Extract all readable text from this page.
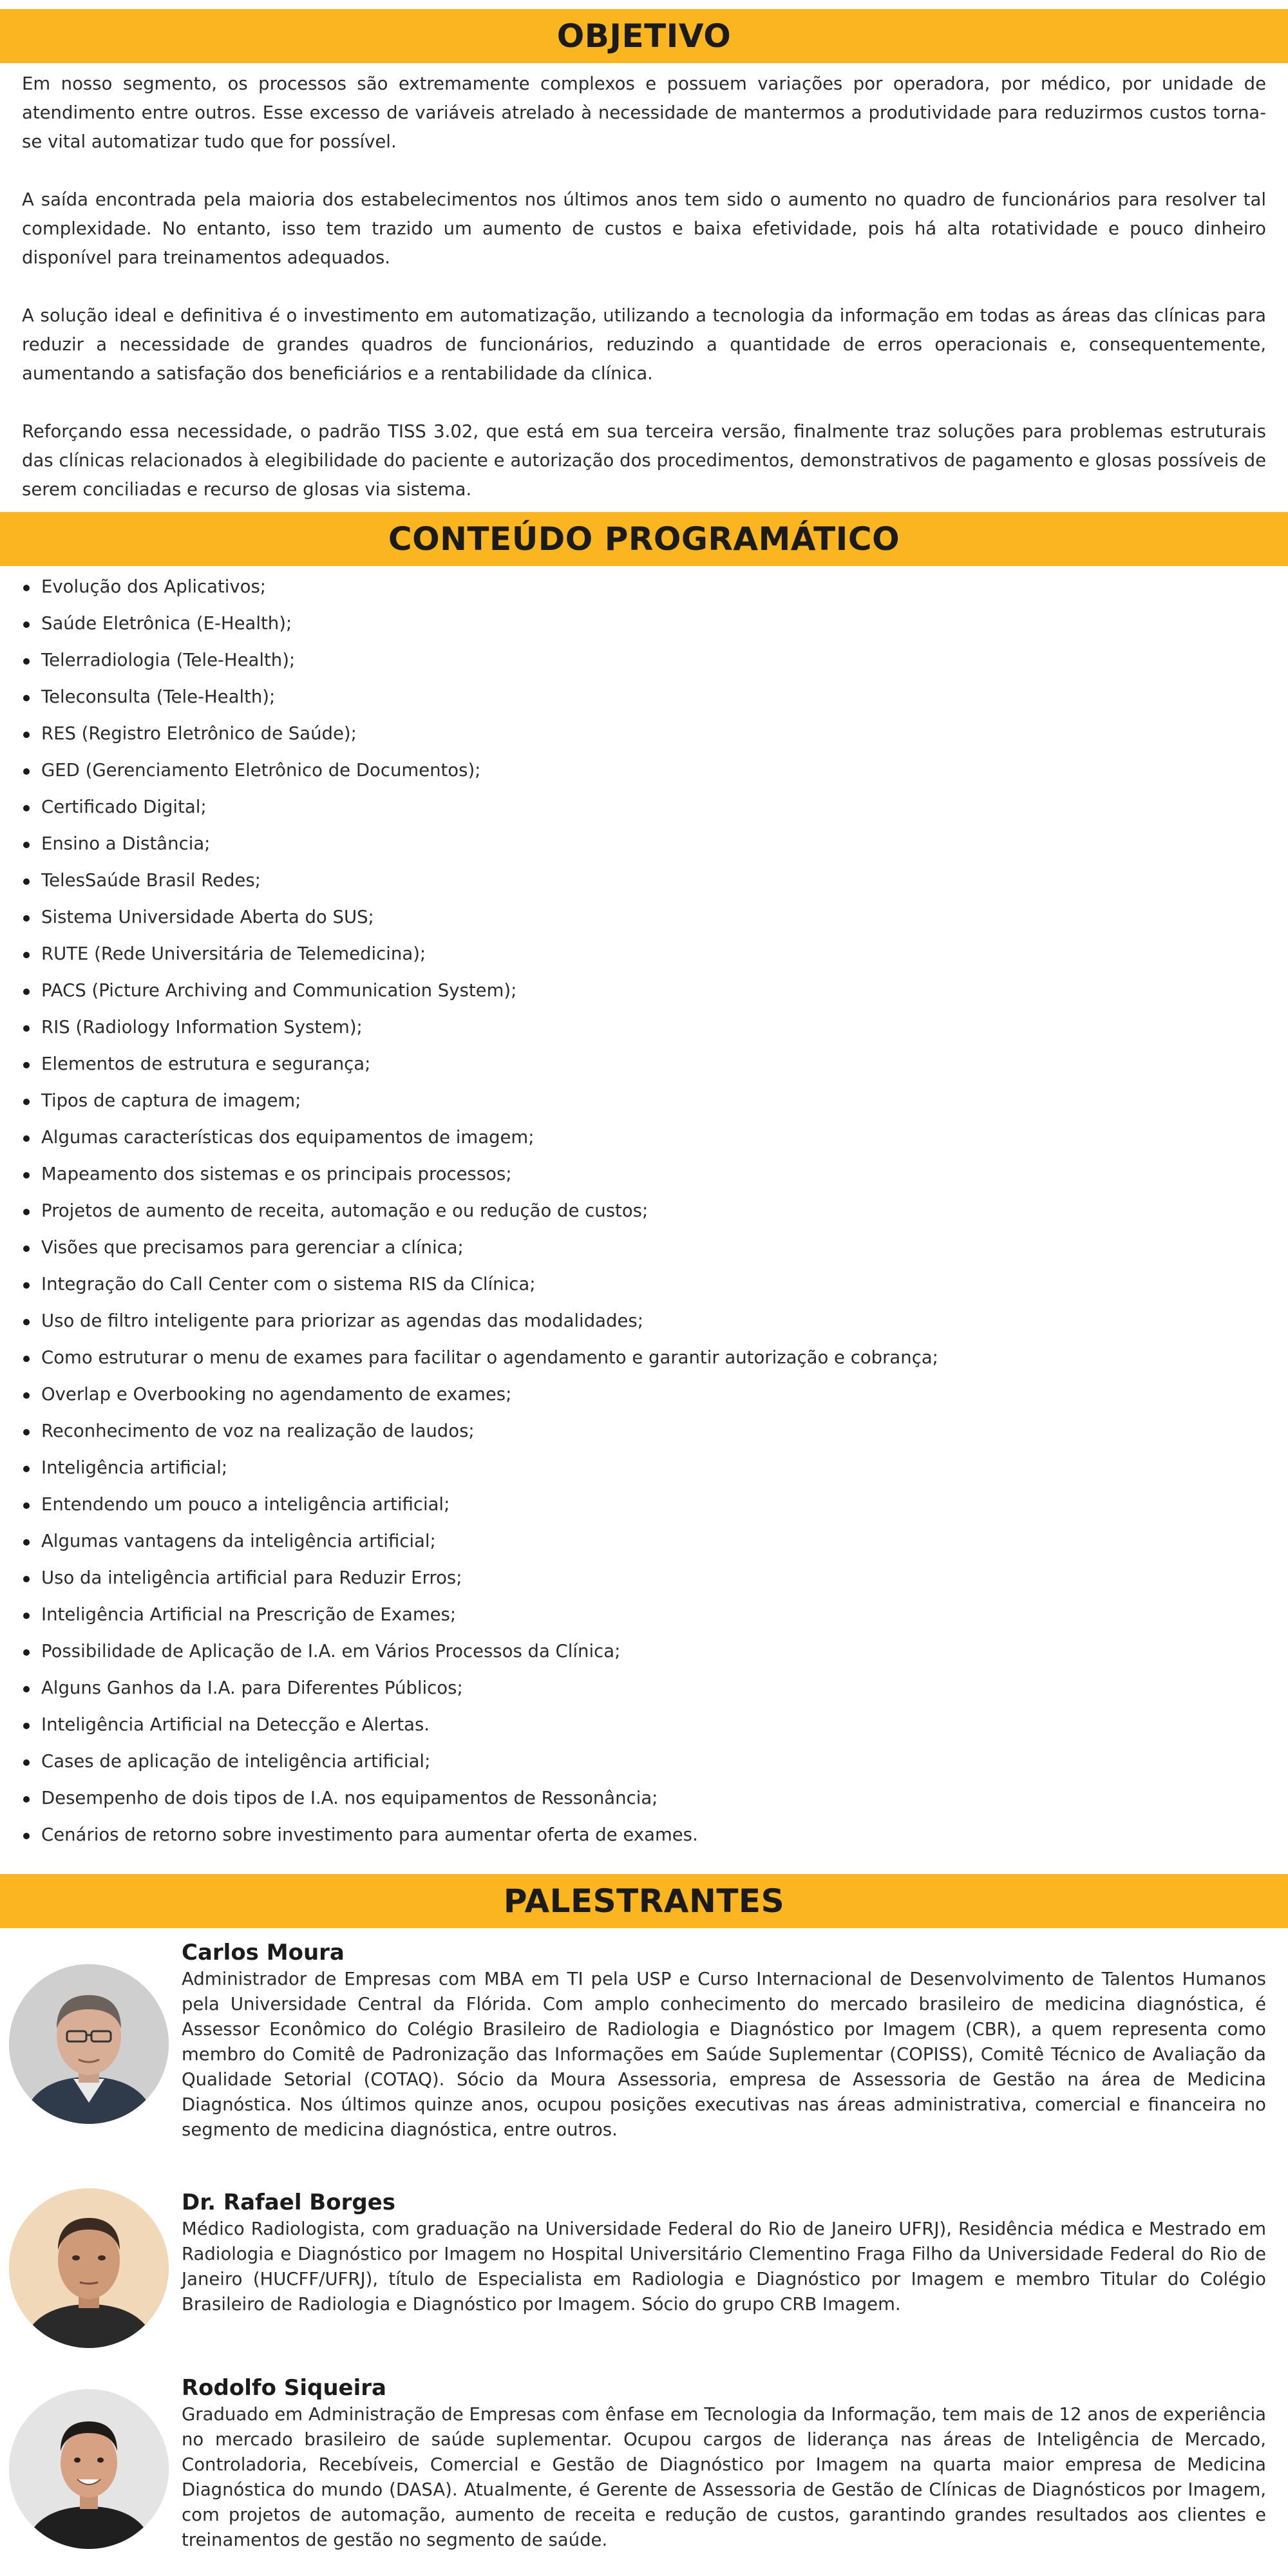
OBJETIVO

Em nosso segmento, os processos são extremamente complexos e possuem variações por operadora, por médico, por unidade de atendimento entre outros. Esse excesso de variáveis atrelado à necessidade de mantermos a produtividade para reduzirmos custos torna-se vital automatizar tudo que for possível.

A saída encontrada pela maioria dos estabelecimentos nos últimos anos tem sido o aumento no quadro de funcionários para resolver tal complexidade. No entanto, isso tem trazido um aumento de custos e baixa efetividade, pois há alta rotatividade e pouco dinheiro disponível para treinamentos adequados.

A solução ideal e definitiva é o investimento em automatização, utilizando a tecnologia da informação em todas as áreas das clínicas para reduzir a necessidade de grandes quadros de funcionários, reduzindo a quantidade de erros operacionais e, consequentemente, aumentando a satisfação dos beneficiários e a rentabilidade da clínica.

Reforçando essa necessidade, o padrão TISS 3.02, que está em sua terceira versão, finalmente traz soluções para problemas estruturais das clínicas relacionados à elegibilidade do paciente e autorização dos procedimentos, demonstrativos de pagamento e glosas possíveis de serem conciliadas e recurso de glosas via sistema.

CONTEÚDO PROGRAMÁTICO
Evolução dos Aplicativos;
Saúde Eletrônica (E-Health);
Telerradiologia (Tele-Health);
Teleconsulta (Tele-Health);
RES (Registro Eletrônico de Saúde);
GED (Gerenciamento Eletrônico de Documentos);
Certificado Digital;
Ensino a Distância;
TelesSaúde Brasil Redes;
Sistema Universidade Aberta do SUS;
RUTE (Rede Universitária de Telemedicina);
PACS (Picture Archiving and Communication System);
RIS (Radiology Information System);
Elementos de estrutura e segurança;
Tipos de captura de imagem;
Algumas características dos equipamentos de imagem;
Mapeamento dos sistemas e os principais processos;
Projetos de aumento de receita, automação e ou redução de custos;
Visões que precisamos para gerenciar a clínica;
Integração do Call Center com o sistema RIS da Clínica;
Uso de filtro inteligente para priorizar as agendas das modalidades;
Como estruturar o menu de exames para facilitar o agendamento e garantir autorização e cobrança;
Overlap e Overbooking no agendamento de exames;
Reconhecimento de voz na realização de laudos;
Inteligência artificial;
Entendendo um pouco a inteligência artificial;
Algumas vantagens da inteligência artificial;
Uso da inteligência artificial para Reduzir Erros;
Inteligência Artificial na Prescrição de Exames;
Possibilidade de Aplicação de I.A. em Vários Processos da Clínica;
Alguns Ganhos da I.A. para Diferentes Públicos;
Inteligência Artificial na Detecção e Alertas.
Cases de aplicação de inteligência artificial;
Desempenho de dois tipos de I.A. nos equipamentos de Ressonância;
Cenários de retorno sobre investimento para aumentar oferta de exames.
PALESTRANTES
Carlos Moura

Administrador de Empresas com MBA em TI pela USP e Curso Internacional de Desenvolvimento de Talentos Humanos pela Universidade Central da Flórida. Com amplo conhecimento do mercado brasileiro de medicina diagnóstica, é Assessor Econômico do Colégio Brasileiro de Radiologia e Diagnóstico por Imagem (CBR), a quem representa como membro do Comitê de Padronização das Informações em Saúde Suplementar (COPISS), Comitê Técnico de Avaliação da Qualidade Setorial (COTAQ). Sócio da Moura Assessoria, empresa de Assessoria de Gestão na área de Medicina Diagnóstica. Nos últimos quinze anos, ocupou posições executivas nas áreas administrativa, comercial e financeira no segmento de medicina diagnóstica, entre outros.

Dr. Rafael Borges

Médico Radiologista, com graduação na Universidade Federal do Rio de Janeiro UFRJ), Residência médica e Mestrado em Radiologia e Diagnóstico por Imagem no Hospital Universitário Clementino Fraga Filho da Universidade Federal do Rio de Janeiro (HUCFF/UFRJ), título de Especialista em Radiologia e Diagnóstico por Imagem e membro Titular do Colégio Brasileiro de Radiologia e Diagnóstico por Imagem. Sócio do grupo CRB Imagem.

Rodolfo Siqueira

Graduado em Administração de Empresas com ênfase em Tecnologia da Informação, tem mais de 12 anos de experiência no mercado brasileiro de saúde suplementar. Ocupou cargos de liderança nas áreas de Inteligência de Mercado, Controladoria, Recebíveis, Comercial e Gestão de Diagnóstico por Imagem na quarta maior empresa de Medicina Diagnóstica do mundo (DASA). Atualmente, é Gerente de Assessoria de Gestão de Clínicas de Diagnósticos por Imagem, com projetos de automação, aumento de receita e redução de custos, garantindo grandes resultados aos clientes e treinamentos de gestão no segmento de saúde.
